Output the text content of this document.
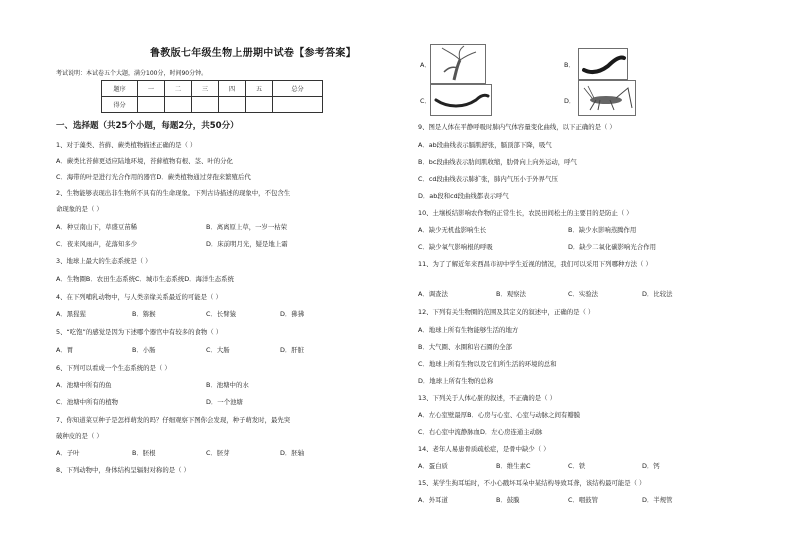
鲁教版七年级生物上册期中试卷【参考答案】
考试说明：本试卷五个大题，满分100分，时间90分钟。
题序	一	二	三	四	五	总分
得分						
一、选择题（共25个小题，每题2分，共50分）
1、对于藻类、苔藓、蕨类植物描述正确的是（ ）
A．蕨类比苔藓更适应陆地环境，苔藓植物有根、茎、叶的分化
C．海带的叶是进行光合作用的器官D．蕨类植物通过芽孢来繁殖后代
2、生物能够表现出非生物所不具有的生命现象。下列古诗描述的现象中，不包含生
命现象的是（ ）
A．种豆南山下，草盛豆苗稀	B．离离原上草，一岁一枯荣
C．夜来风雨声，花落知多少	D．床前明月光，疑是地上霜
3、地球上最大的生态系统是（ ）
A．生物圈B．农田生态系统C．城市生态系统D．海洋生态系统
4、在下列哺乳动物中，与人类亲缘关系最近的可能是（ ）
A．黑猩猩	B．猕猴	C．长臂猿	D．狒狒
5、“吃饱”的感觉是因为下述哪个器官中有较多的食物（ ）
A．胃	B．小肠	C．大肠	D．肝脏
6、下列可以看成一个生态系统的是（ ）
A．池塘中所有的鱼	B．池塘中的水
C．池塘中所有的植物	D．一个池塘
7、你知道菜豆种子是怎样萌发的吗？仔细观察下图你会发现，种子萌发时，最先突
破种皮的是（ ）
A．子叶	B．胚根	C．胚芽	D．胚轴
8、下列动物中，身体结构呈辐射对称的是（ ）
A．	B．
C．	D．
9、图是人体在平静呼吸时肺内气体容量变化曲线，以下正确的是（ ）
A．ab段曲线表示膈肌舒张，膈顶部下降，吸气
B．bc段曲线表示肋间肌收缩，肋骨向上向外运动，呼气
C．cd段曲线表示肺扩张，肺内气压小于外界气压
D．ab段和cd段曲线都表示呼气
10、土壤板结影响农作物的正常生长，农民田间松土的主要目的是防止（ ）
A．缺少无机盐影响生长	B．缺少水影响蒸腾作用
C．缺少氧气影响根的呼吸	D．缺少二氧化碳影响光合作用
11、为了了解近年来西昌市初中学生近视的情况，我们可以采用下列哪种方法（ ）
A．调查法	B．观察法	C．实验法	D．比较法
12、下列有关生物圈的范围及其定义的叙述中，正确的是（ ）
A．地球上所有生物能够生活的地方
B．大气圈、水圈和岩石圈的全部
C．地球上所有生物以及它们所生活的环境的总和
D．地球上所有生物的总称
13、下列关于人体心脏的叙述，不正确的是（ ）
A．左心室壁最厚B．心房与心室、心室与动脉之间有瓣膜
C．右心室中流静脉血D．左心房连通主动脉
14、老年人易患骨质疏松症，是骨中缺少（ ）
A．蛋白质	B．维生素C	C．铁	D．钙
15、某学生拘耳垢时，不小心戳坏耳朵中某结构导致耳聋，该结构最可能是（ ）
A．外耳道	B．鼓膜	C．咽鼓管	D．半规管
